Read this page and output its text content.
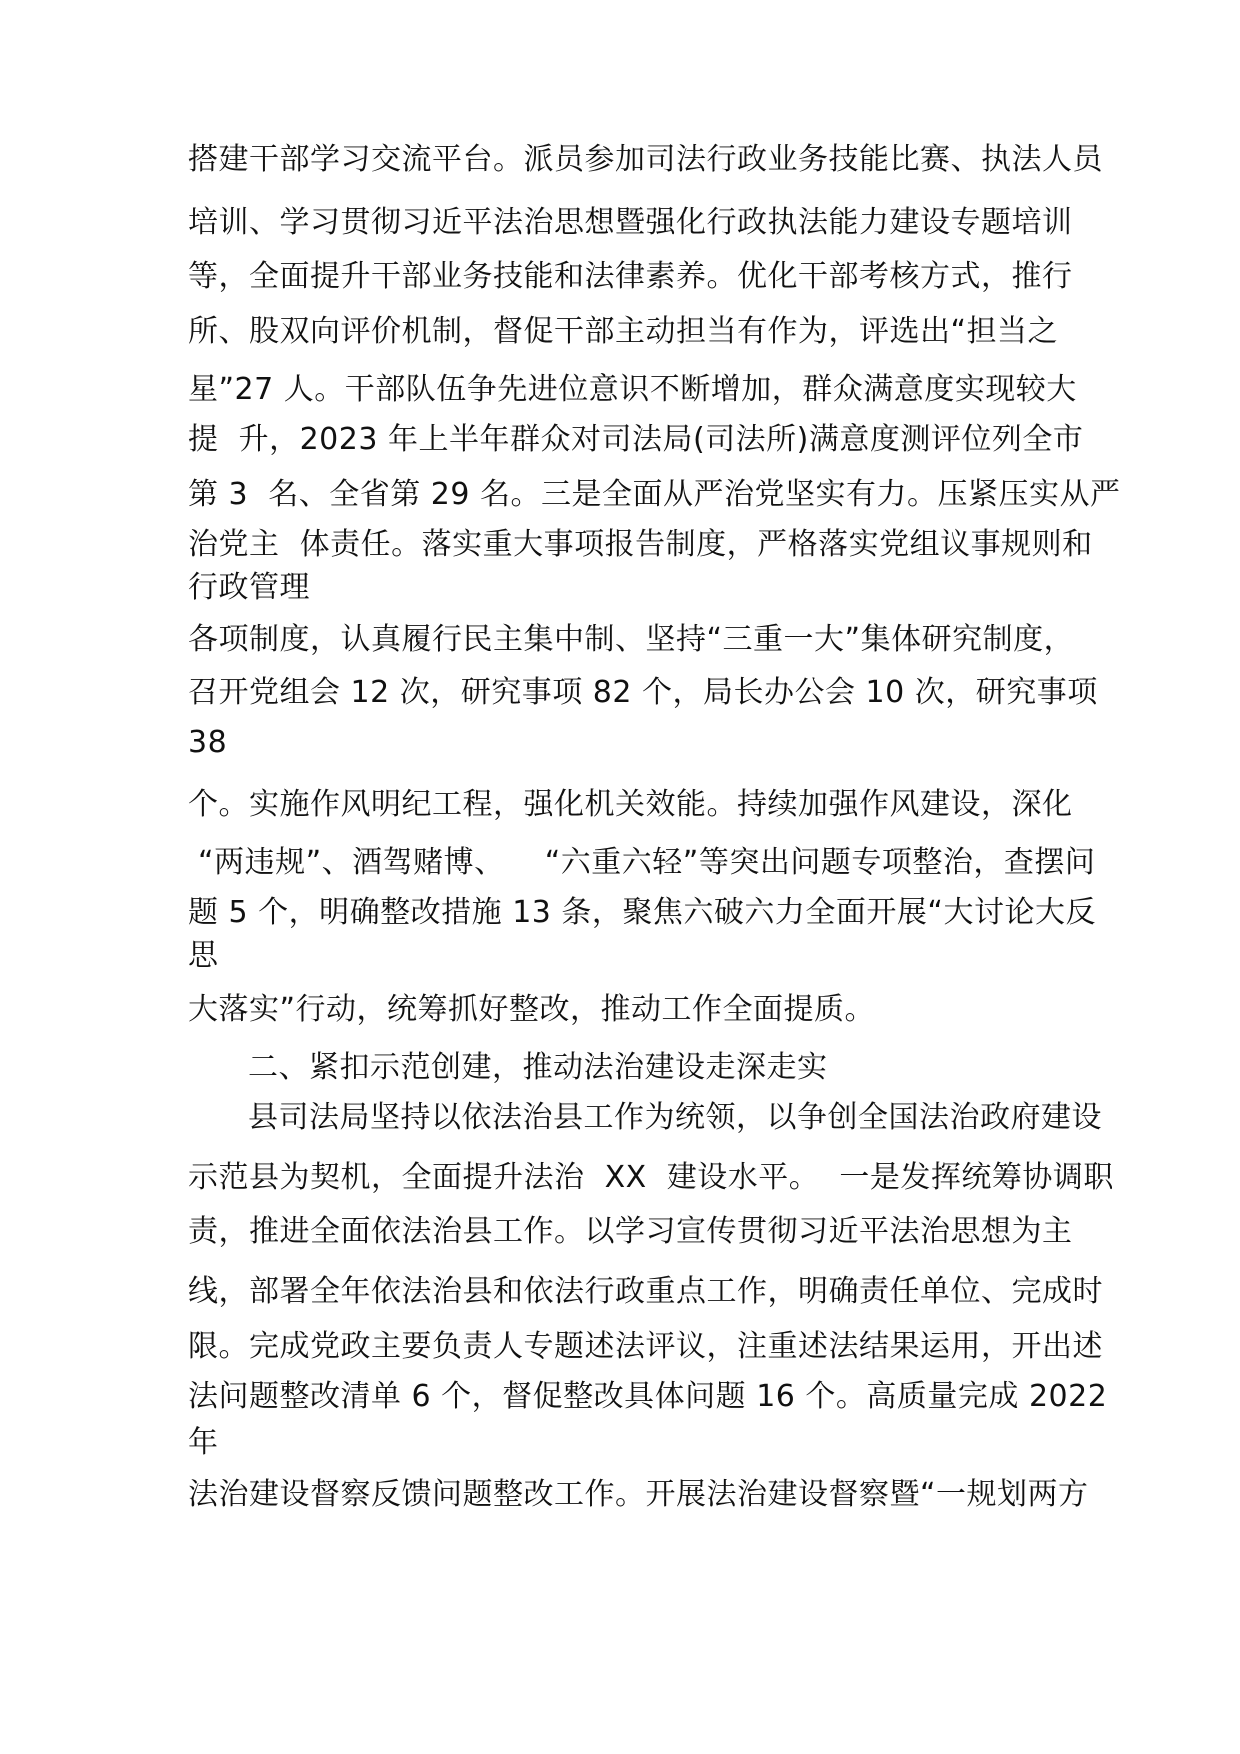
搭建干部学习交流平台。派员参加司法行政业务技能比赛、执法人员
培训、学习贯彻习近平法治思想暨强化行政执法能力建设专题培训
等，全面提升干部业务技能和法律素养。优化干部考核方式，推行
所、股双向评价机制，督促干部主动担当有作为，评选出“担当之
星”27 人。干部队伍争先进位意识不断增加，群众满意度实现较大
提  升，2023 年上半年群众对司法局(司法所)满意度测评位列全市
第 3  名、全省第 29 名。三是全面从严治党坚实有力。压紧压实从严
治党主  体责任。落实重大事项报告制度，严格落实党组议事规则和
行政管理
各项制度，认真履行民主集中制、坚持“三重一大”集体研究制度，
召开党组会 12 次，研究事项 82 个，局长办公会 10 次，研究事项
38
个。实施作风明纪工程，强化机关效能。持续加强作风建设，深化
“两违规”、酒驾赌博、    “六重六轻”等突出问题专项整治，查摆问
题 5 个，明确整改措施 13 条，聚焦六破六力全面开展“大讨论大反
思
大落实”行动，统筹抓好整改，推动工作全面提质。
二、紧扣示范创建，推动法治建设走深走实
县司法局坚持以依法治县工作为统领，以争创全国法治政府建设
示范县为契机，全面提升法治  XX  建设水平。  一是发挥统筹协调职
责，推进全面依法治县工作。以学习宣传贯彻习近平法治思想为主
线，部署全年依法治县和依法行政重点工作，明确责任单位、完成时
限。完成党政主要负责人专题述法评议，注重述法结果运用，开出述
法问题整改清单 6 个，督促整改具体问题 16 个。高质量完成 2022
年
法治建设督察反馈问题整改工作。开展法治建设督察暨“一规划两方
